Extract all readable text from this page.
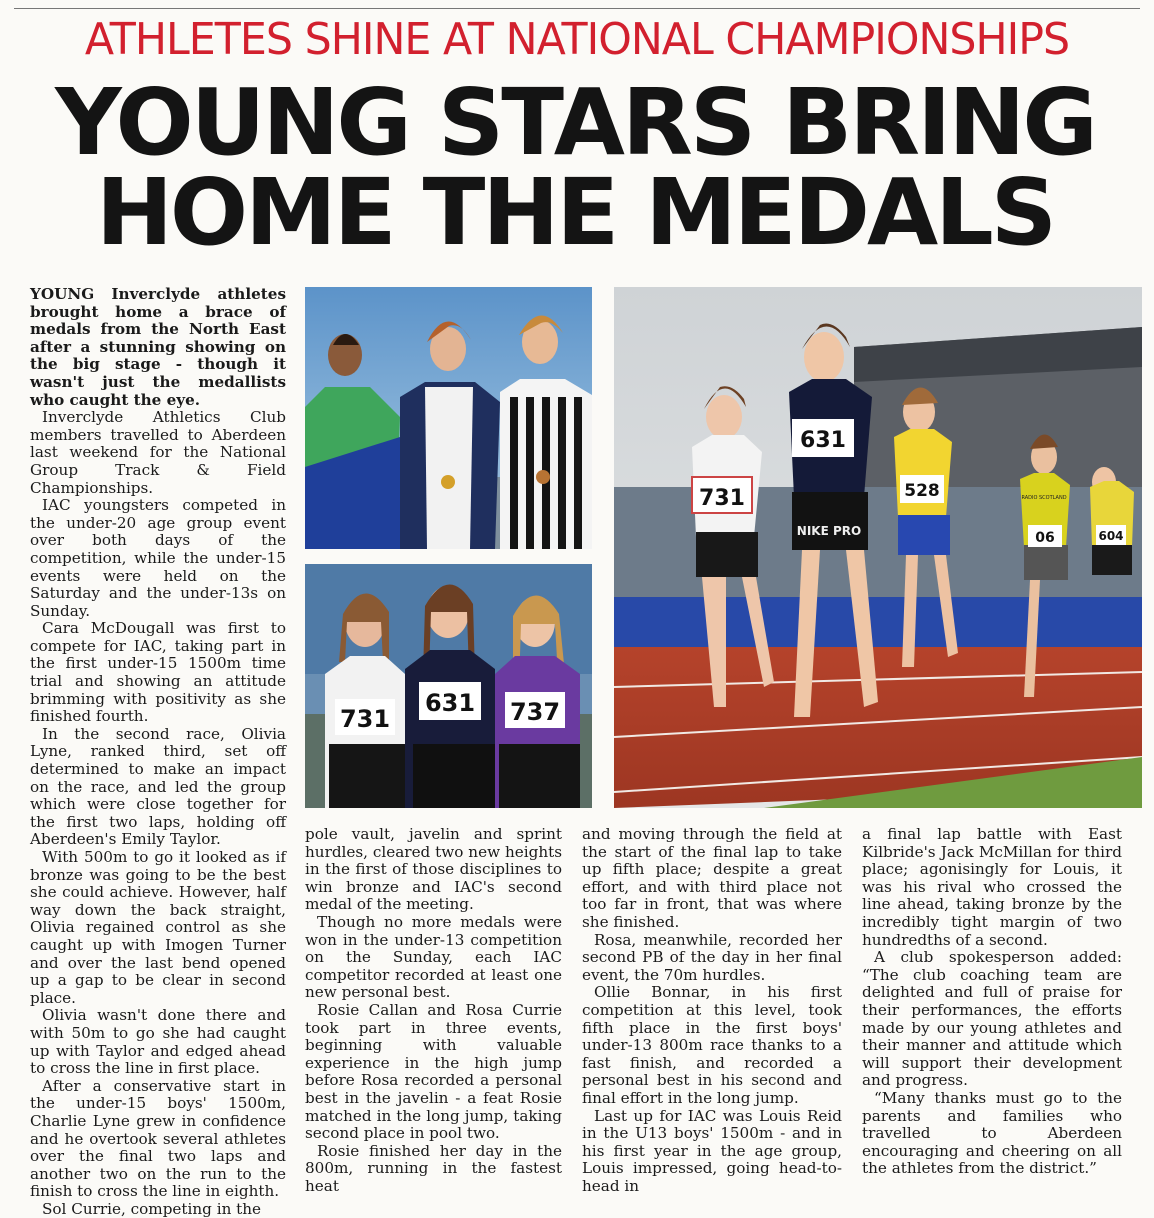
ATHLETES SHINE AT NATIONAL CHAMPIONSHIPS
YOUNG STARS BRING
HOME THE MEDALS

YOUNG Inverclyde athletes brought home a brace of medals from the North East after a stunning showing on the big stage - though it wasn't just the medallists who caught the eye.

Inverclyde Athletics Club members travelled to Aberdeen last weekend for the National Group Track & Field Championships.

IAC youngsters competed in the under-20 age group event over both days of the competition, while the under-15 events were held on the Saturday and the under-13s on Sunday.

Cara McDougall was first to compete for IAC, taking part in the first under-15 1500m time trial and showing an attitude brimming with positivity as she finished fourth.

In the second race, Olivia Lyne, ranked third, set off determined to make an impact on the race, and led the group which were close together for the first two laps, holding off Aberdeen's Emily Taylor.

With 500m to go it looked as if bronze was going to be the best she could achieve. However, half way down the back straight, Olivia regained control as she caught up with Imogen Turner and over the last bend opened up a gap to be clear in second place.

Olivia wasn't done there and with 50m to go she had caught up with Taylor and edged ahead to cross the line in first place.

After a conservative start in the under-15 boys' 1500m, Charlie Lyne grew in confidence and he overtook several athletes over the final two laps and another two on the run to the finish to cross the line in eighth.

Sol Currie, competing in the

731
631 737
731
631
NIKE PRO
528
06
RADIO SCOTLAND
604

pole vault, javelin and sprint hurdles, cleared two new heights in the first of those disciplines to win bronze and IAC's second medal of the meeting.

Though no more medals were won in the under-13 competition on the Sunday, each IAC competitor recorded at least one new personal best.

Rosie Callan and Rosa Currie took part in three events, beginning with valuable experience in the high jump before Rosa recorded a personal best in the javelin - a feat Rosie matched in the long jump, taking second place in pool two.

Rosie finished her day in the 800m, running in the fastest heat

and moving through the field at the start of the final lap to take up fifth place; despite a great effort, and with third place not too far in front, that was where she finished.

Rosa, meanwhile, recorded her second PB of the day in her final event, the 70m hurdles.

Ollie Bonnar, in his first competition at this level, took fifth place in the first boys' under-13 800m race thanks to a fast finish, and recorded a personal best in his second and final effort in the long jump.

Last up for IAC was Louis Reid in the U13 boys' 1500m - and in his first year in the age group, Louis impressed, going head-to-head in

a final lap battle with East Kilbride's Jack McMillan for third place; agonisingly for Louis, it was his rival who crossed the line ahead, taking bronze by the incredibly tight margin of two hundredths of a second.

A club spokesperson added: “The club coaching team are delighted and full of praise for their performances, the efforts made by our young athletes and their manner and attitude which will support their development and progress.

“Many thanks must go to the parents and families who travelled to Aberdeen encouraging and cheering on all the athletes from the district.”
